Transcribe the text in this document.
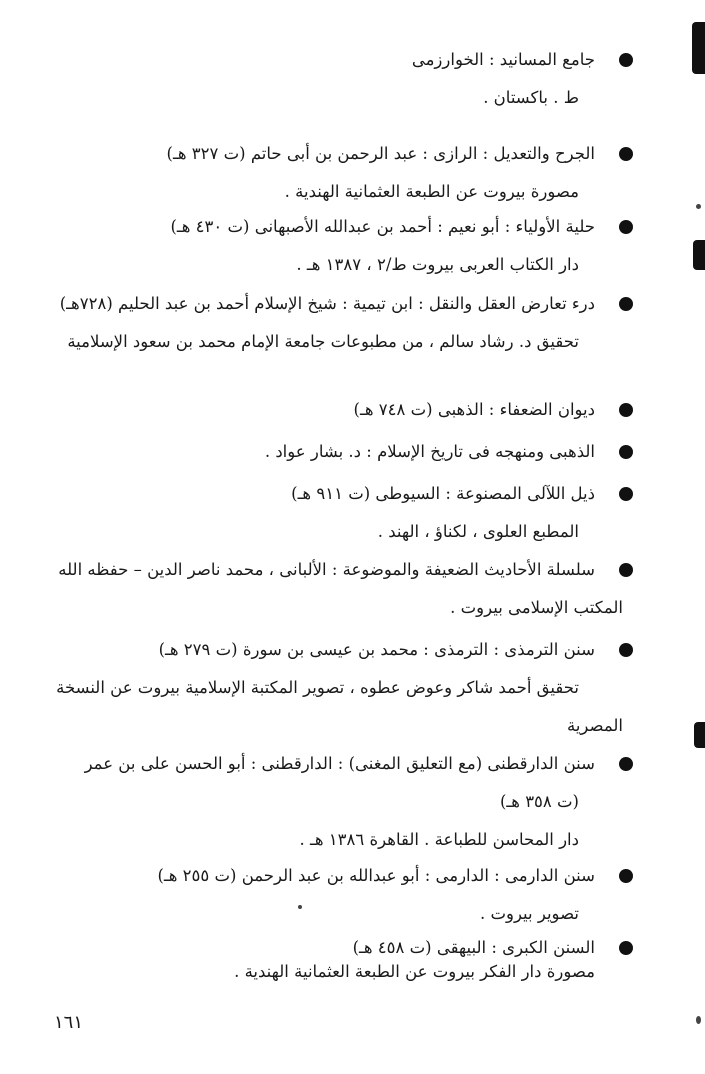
جامع المسانيد : الخوارزمى
ط . باكستان .
الجرح والتعديل : الرازى : عبد الرحمن بن أبى حاتم (ت ٣٢٧ هـ)
مصورة بيروت عن الطبعة العثمانية الهندية .
حلية الأولياء : أبو نعيم : أحمد بن عبدالله الأصبهانى (ت ٤٣٠ هـ)
دار الكتاب العربى بيروت ط/٢ ، ١٣٨٧ هـ .
درء تعارض العقل والنقل : ابن تيمية : شيخ الإسلام أحمد بن عبد الحليم (٧٢٨هـ)
تحقيق د. رشاد سالم ، من مطبوعات جامعة الإمام محمد بن سعود الإسلامية
ديوان الضعفاء : الذهبى (ت ٧٤٨ هـ)
الذهبى ومنهجه فى تاريخ الإسلام : د. بشار عواد .
ذيل اللآلى المصنوعة : السيوطى (ت ٩١١ هـ)
المطبع العلوى ، لكناؤ ، الهند .
سلسلة الأحاديث الضعيفة والموضوعة : الألبانى ، محمد ناصر الدين – حفظه الله
المكتب الإسلامى بيروت .
سنن الترمذى : الترمذى : محمد بن عيسى بن سورة (ت ٢٧٩ هـ)
تحقيق أحمد شاكر وعوض عطوه ، تصوير المكتبة الإسلامية بيروت عن النسخة
المصرية
سنن الدارقطنى (مع التعليق المغنى) : الدارقطنى : أبو الحسن على بن عمر
(ت ٣٥٨ هـ)
دار المحاسن للطباعة . القاهرة ١٣٨٦ هـ .
سنن الدارمى : الدارمى : أبو عبدالله بن عبد الرحمن (ت ٢٥٥ هـ)
تصوير بيروت .
السنن الكبرى : البيهقى (ت ٤٥٨ هـ)
مصورة دار الفكر بيروت عن الطبعة العثمانية الهندية .
١٦١
